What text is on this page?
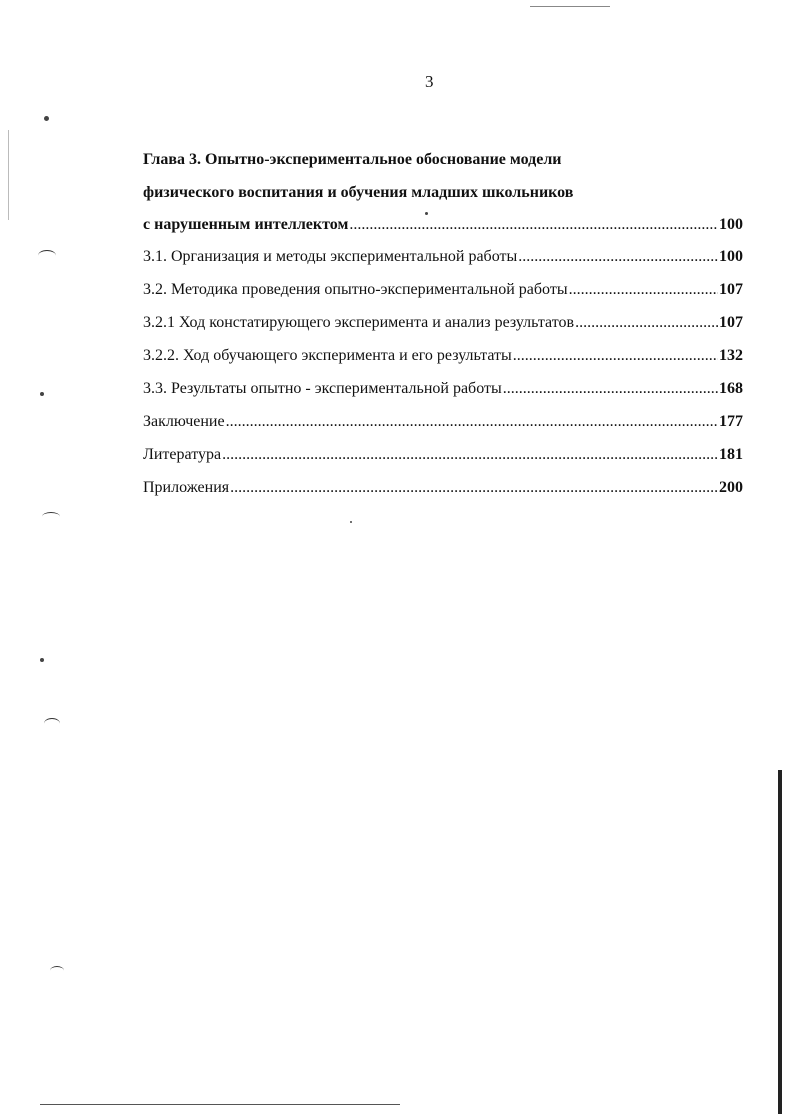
3
Глава 3. Опытно-экспериментальное обоснование модели
физического воспитания и обучения младших школьников
с нарушенным интеллектом .....	100
3.1. Организация и методы экспериментальной работы .....	100
3.2. Методика проведения опытно-экспериментальной работы .....	107
3.2.1 Ход констатирующего эксперимента и анализ результатов .....	107
3.2.2. Ход обучающего эксперимента и его результаты .....	132
3.3. Результаты опытно - экспериментальной работы .....	168
Заключение .....	177
Литература .....	181
Приложения .....	200
